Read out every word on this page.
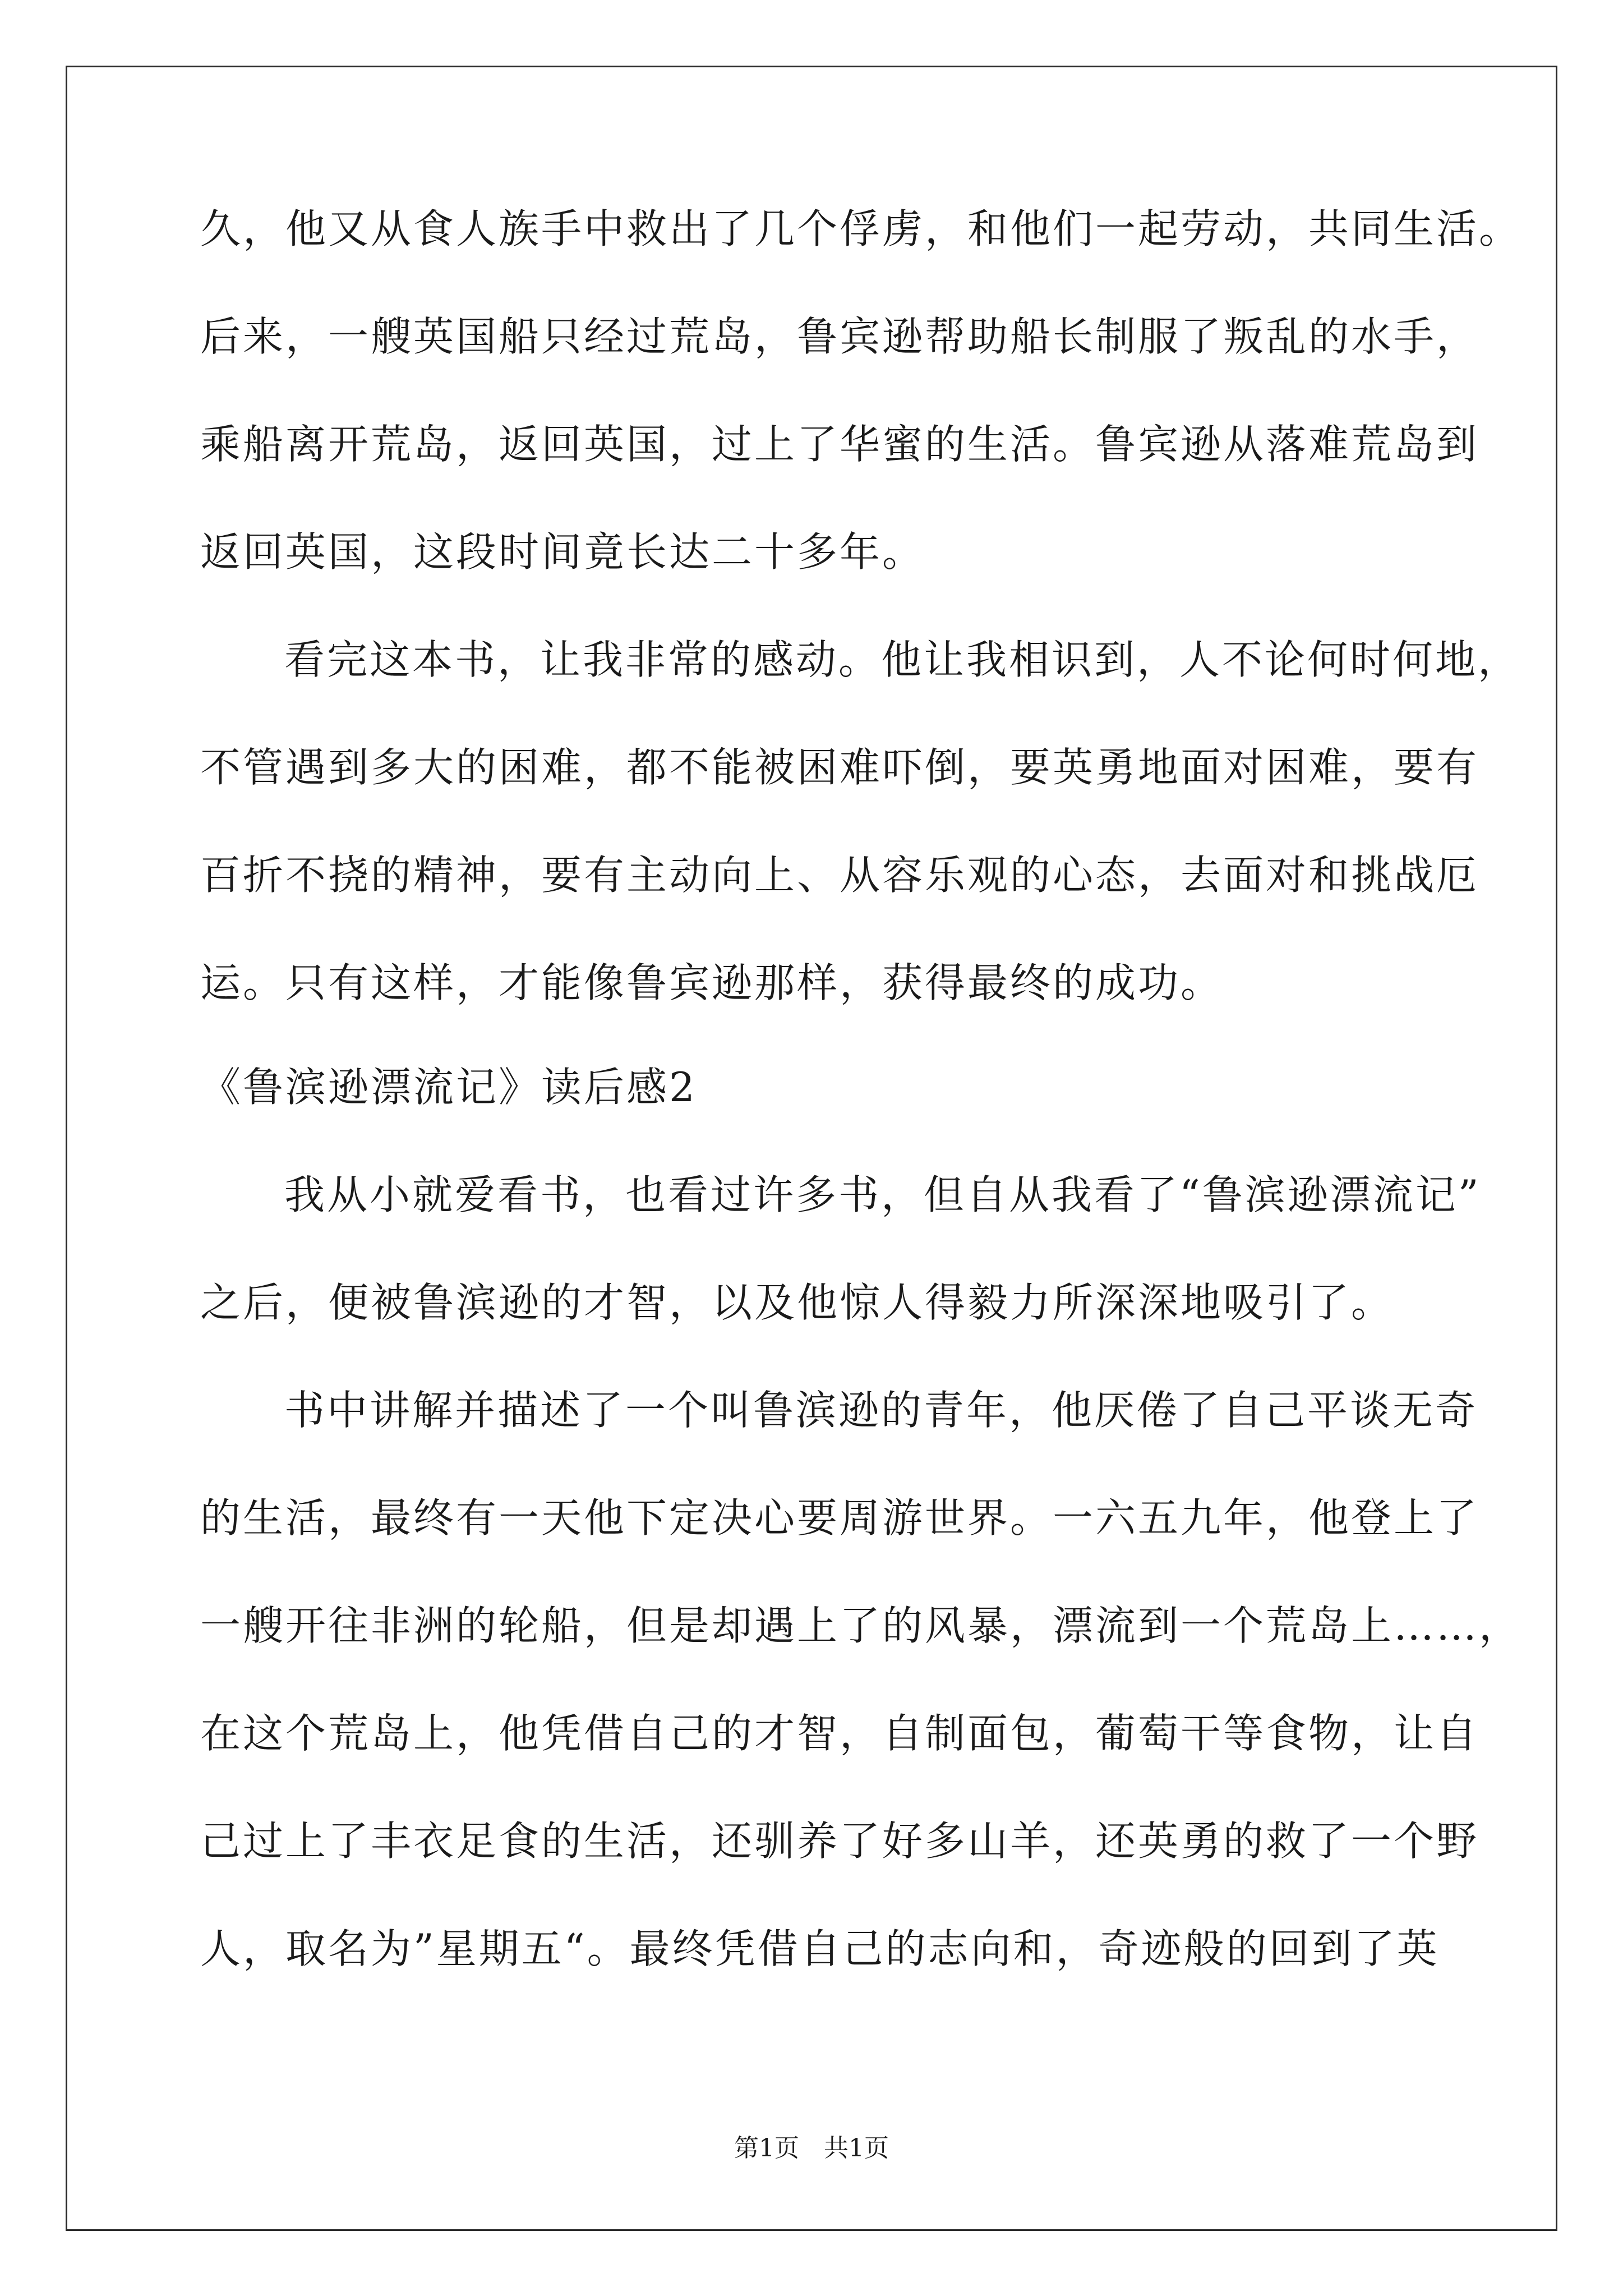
久，他又从食人族手中救出了几个俘虏，和他们一起劳动，共同生活。
后来，一艘英国船只经过荒岛，鲁宾逊帮助船长制服了叛乱的水手，
乘船离开荒岛，返回英国，过上了华蜜的生活。鲁宾逊从落难荒岛到
返回英国，这段时间竟长达二十多年。
看完这本书，让我非常的感动。他让我相识到，人不论何时何地，
不管遇到多大的困难，都不能被困难吓倒，要英勇地面对困难，要有
百折不挠的精神，要有主动向上、从容乐观的心态，去面对和挑战厄
运。只有这样，才能像鲁宾逊那样，获得最终的成功。
《鲁滨逊漂流记》读后感2
我从小就爱看书，也看过许多书，但自从我看了“鲁滨逊漂流记”
之后，便被鲁滨逊的才智，以及他惊人得毅力所深深地吸引了。
书中讲解并描述了一个叫鲁滨逊的青年，他厌倦了自己平谈无奇
的生活，最终有一天他下定决心要周游世界。一六五九年，他登上了
一艘开往非洲的轮船，但是却遇上了的风暴，漂流到一个荒岛上……，
在这个荒岛上，他凭借自己的才智，自制面包，葡萄干等食物，让自
己过上了丰衣足食的生活，还驯养了好多山羊，还英勇的救了一个野
人，取名为”星期五“。最终凭借自己的志向和，奇迹般的回到了英
第1页　共1页
